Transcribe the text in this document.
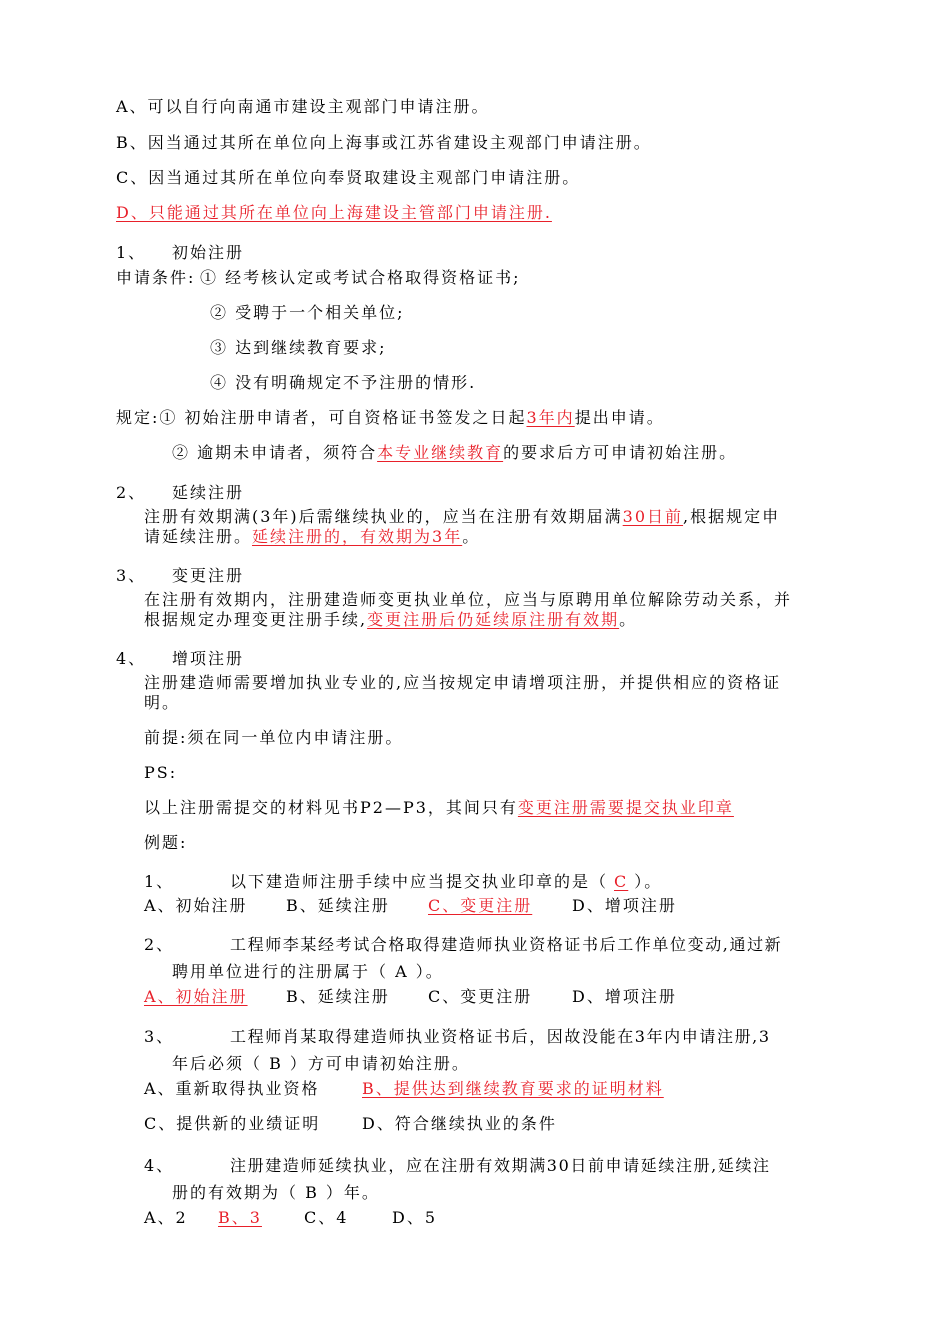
A、可以自行向南通市建设主观部门申请注册。
B、因当通过其所在单位向上海事或江苏省建设主观部门申请注册。
C、因当通过其所在单位向奉贤取建设主观部门申请注册。
D、只能通过其所在单位向上海建设主管部门申请注册.
1、 初始注册
申请条件: ① 经考核认定或考试合格取得资格证书;
② 受聘于一个相关单位;
③ 达到继续教育要求;
④ 没有明确规定不予注册的情形.
规定:① 初始注册申请者，可自资格证书签发之日起3年内提出申请。
② 逾期未申请者，须符合本专业继续教育的要求后方可申请初始注册。
2、 延续注册
注册有效期满(3年)后需继续执业的，应当在注册有效期届满30日前,根据规定申
请延续注册。延续注册的，有效期为3年。
3、 变更注册
在注册有效期内，注册建造师变更执业单位，应当与原聘用单位解除劳动关系，并
根据规定办理变更注册手续,变更注册后仍延续原注册有效期。
4、 增项注册
注册建造师需要增加执业专业的,应当按规定申请增项注册，并提供相应的资格证
明。
前提:须在同一单位内申请注册。
PS:
以上注册需提交的材料见书P2—P3，其间只有变更注册需要提交执业印章
例题:
1、	以下建造师注册手续中应当提交执业印章的是（ C ）。
A、初始注册 B、延续注册 C、变更注册 D、增项注册
2、	工程师李某经考试合格取得建造师执业资格证书后工作单位变动,通过新
聘用单位进行的注册属于（ A ）。
A、初始注册 B、延续注册 C、变更注册 D、增项注册
3、	工程师肖某取得建造师执业资格证书后，因故没能在3年内申请注册,3
年后必须（ B ）方可申请初始注册。
A、重新取得执业资格	B、提供达到继续教育要求的证明材料
C、提供新的业绩证明	D、符合继续执业的条件
4、	注册建造师延续执业，应在注册有效期满30日前申请延续注册,延续注
册的有效期为（ B ）年。
A、2 B、3	C、4	D、5
